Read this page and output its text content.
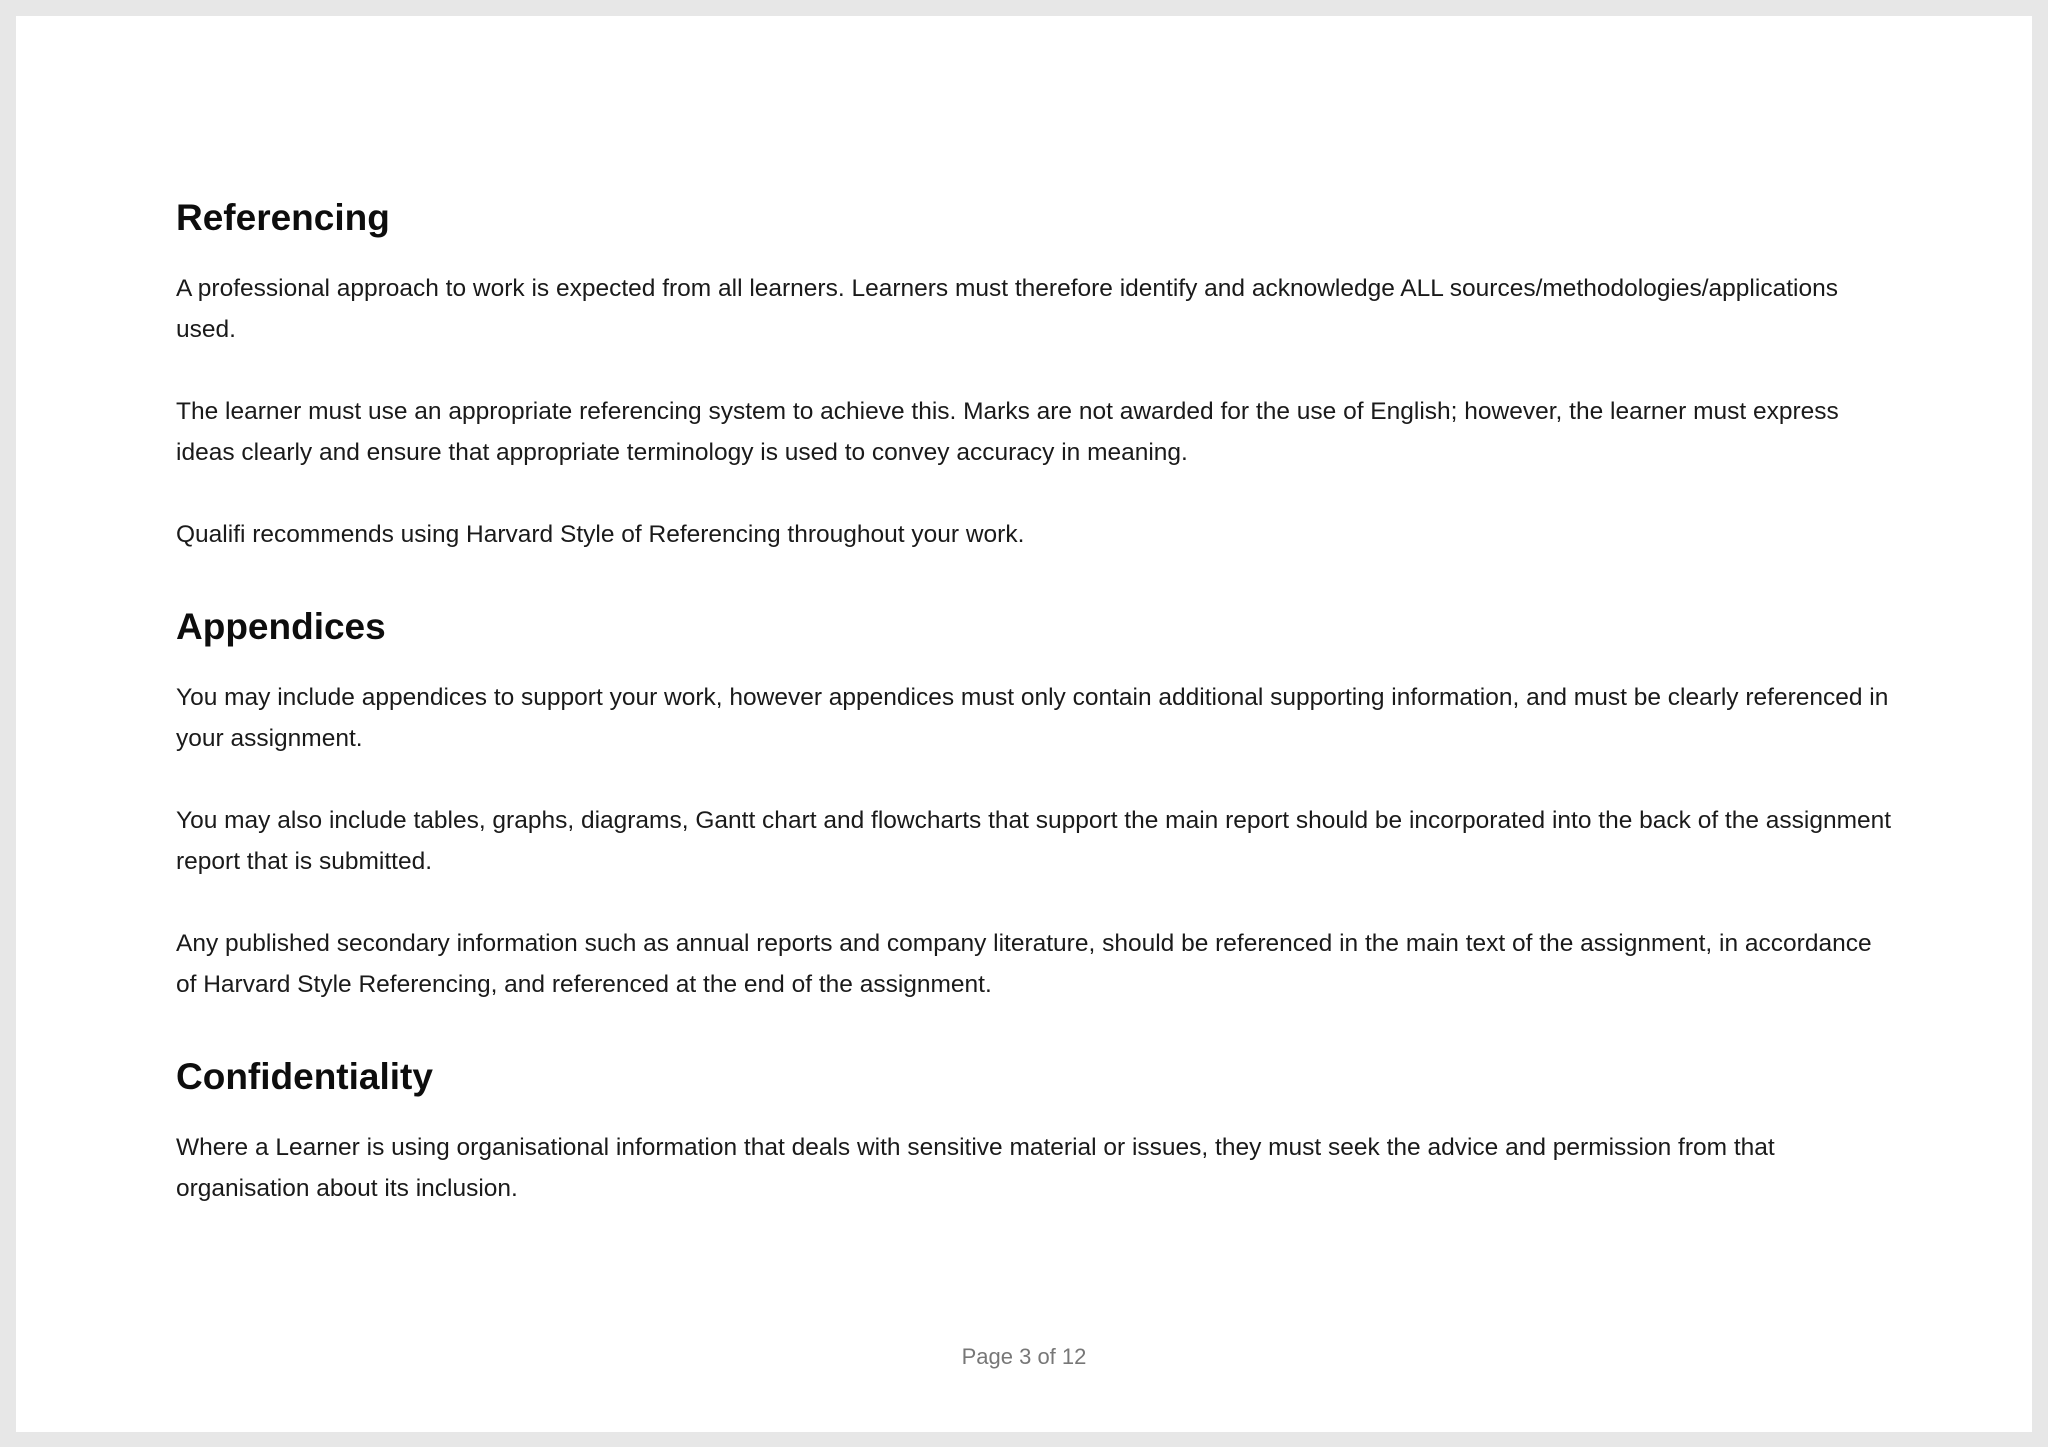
Referencing

A professional approach to work is expected from all learners. Learners must therefore identify and acknowledge ALL sources/methodologies/applications used.

The learner must use an appropriate referencing system to achieve this. Marks are not awarded for the use of English; however, the learner must express ideas clearly and ensure that appropriate terminology is used to convey accuracy in meaning.

Qualifi recommends using Harvard Style of Referencing throughout your work.

Appendices

You may include appendices to support your work, however appendices must only contain additional supporting information, and must be clearly referenced in your assignment.

You may also include tables, graphs, diagrams, Gantt chart and flowcharts that support the main report should be incorporated into the back of the assignment report that is submitted.

Any published secondary information such as annual reports and company literature, should be referenced in the main text of the assignment, in accordance of Harvard Style Referencing, and referenced at the end of the assignment.

Confidentiality

Where a Learner is using organisational information that deals with sensitive material or issues, they must seek the advice and permission from that organisation about its inclusion.

Page 3 of 12
